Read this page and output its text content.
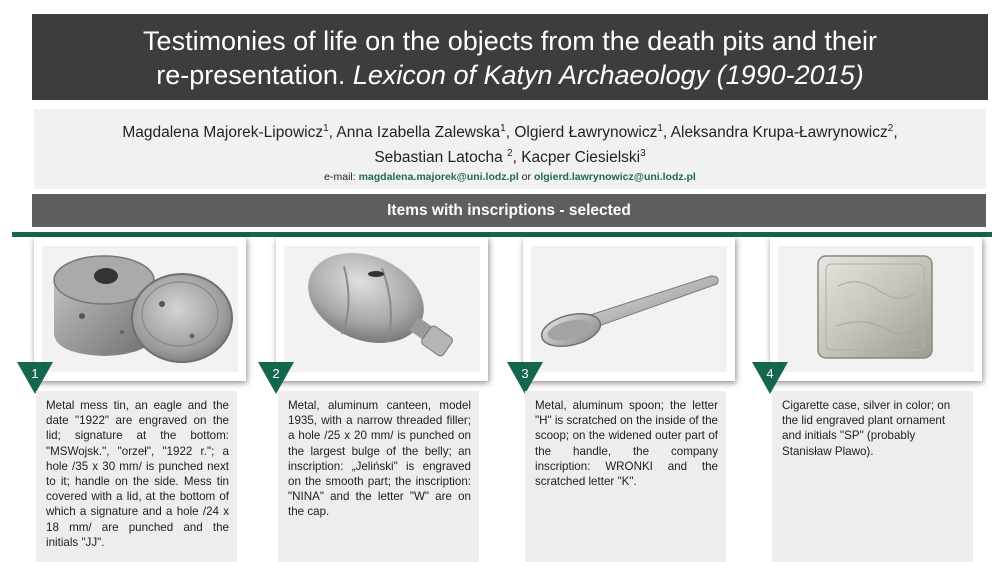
Testimonies of life on the objects from the death pits and their
re-presentation. Lexicon of Katyn Archaeology (1990-2015)
Magdalena Majorek-Lipowicz$^1$, Anna Izabella Zalewska$^1$, Olgierd Ławrynowicz$^1$, Aleksandra Krupa-Ławrynowicz$^2$,
Sebastian Latocha $^2$, Kacper Ciesielski$^3$
e-mail: magdalena.majorek@uni.lodz.pl or olgierd.lawrynowicz@uni.lodz.pl
Items with inscriptions - selected
1
Metal mess tin, an eagle and the date "1922" are engraved on the lid; signature at the bottom: "MSWojsk.", "orzeł", "1922 r."; a hole /35 x 30 mm/ is punched next to it; handle on the side. Mess tin covered with a lid, at the bottom of which a signature and a hole /24 x 18 mm/ are punched and the initials "JJ".
2
Metal, aluminum canteen, model 1935, with a narrow threaded filler; a hole /25 x 20 mm/ is punched on the largest bulge of the belly; an inscription: „Jeliński" is engraved on the smooth part; the inscription: "NINA" and the letter "W" are on the cap.
3
Metal, aluminum spoon; the letter "H" is scratched on the inside of the scoop; on the widened outer part of the handle, the company inscription: WRONKI and the scratched letter "K".
4
Cigarette case, silver in color; on the lid engraved plant ornament and initials "SP" (probably Stanisław Plawo).
